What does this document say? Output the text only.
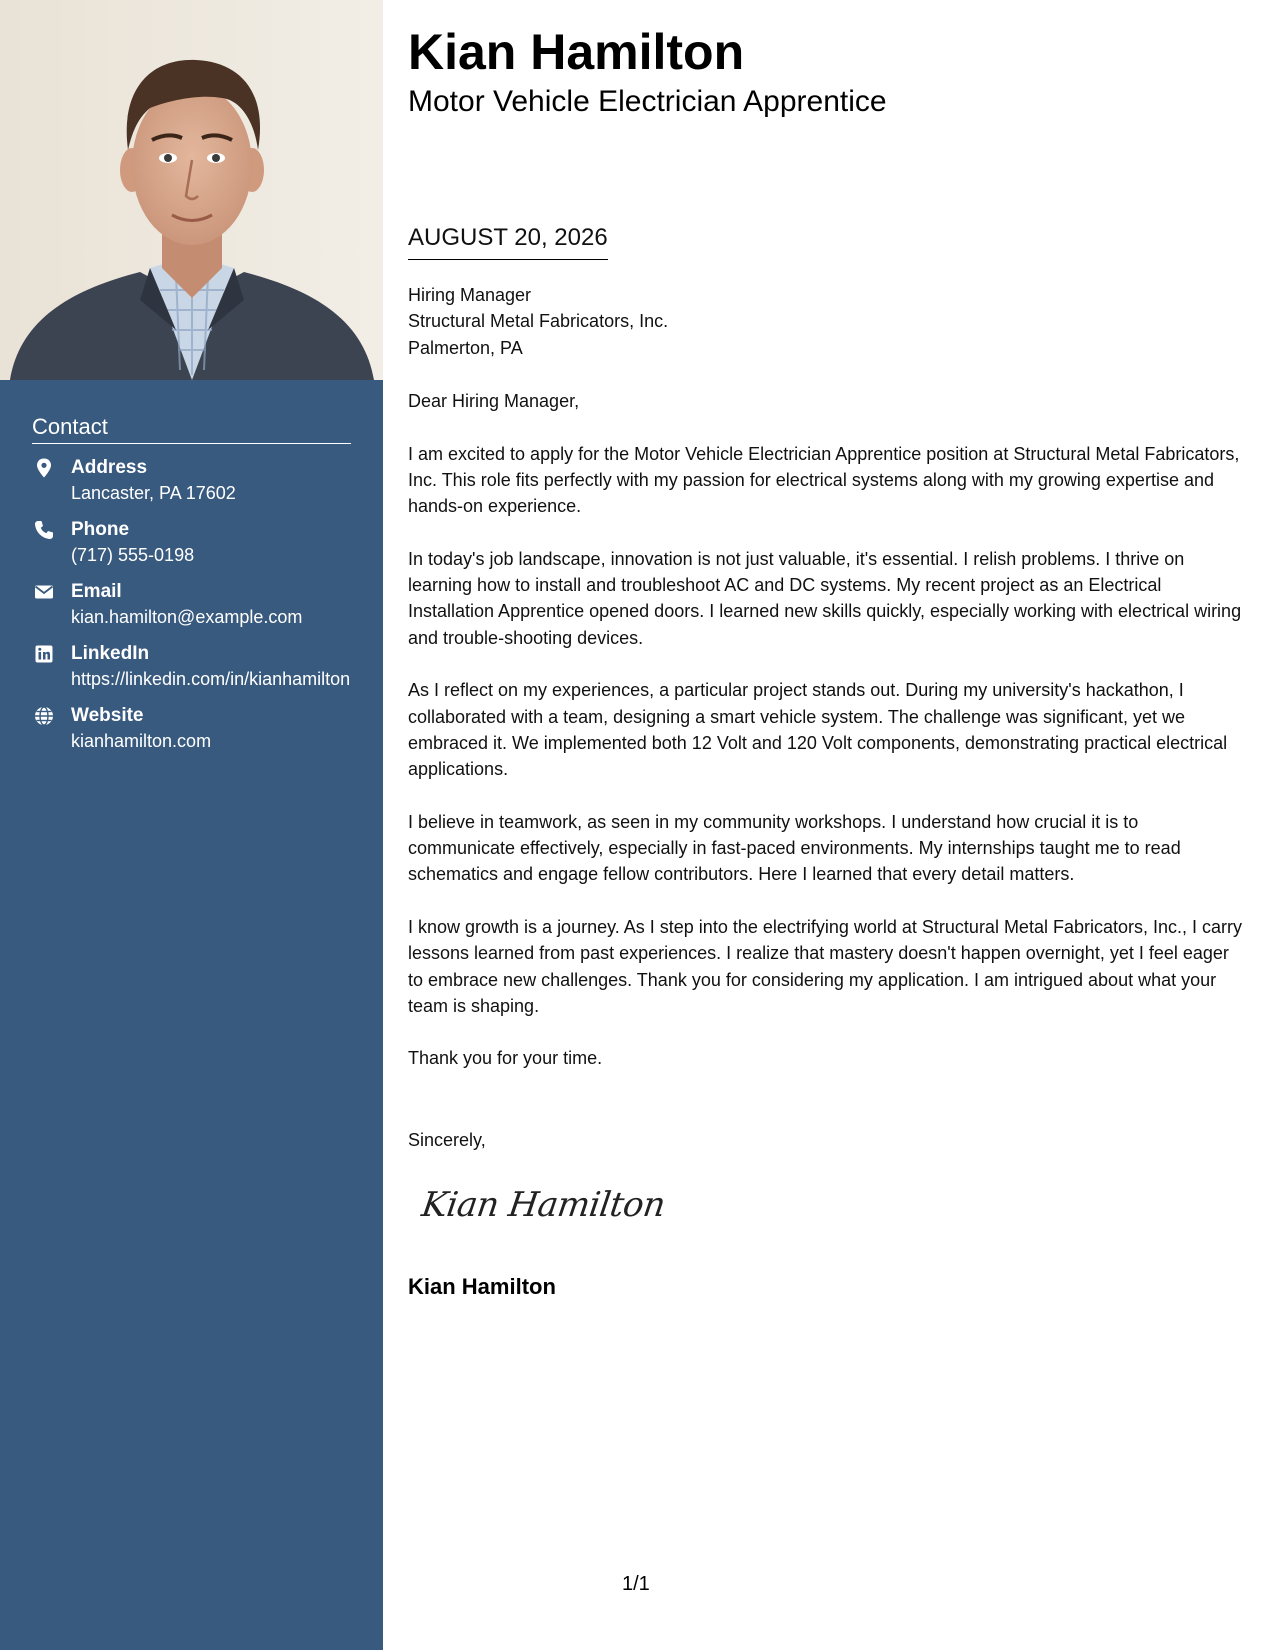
Contact
Address
Lancaster, PA 17602
Phone
(717) 555-0198
Email
kian.hamilton@example.com
LinkedIn
https://linkedin.com/in/kianhamilton
Website
kianhamilton.com
Kian Hamilton
Motor Vehicle Electrician Apprentice
AUGUST 20, 2026
Hiring Manager
Structural Metal Fabricators, Inc.
Palmerton, PA

Dear Hiring Manager,

I am excited to apply for the Motor Vehicle Electrician Apprentice position at Structural Metal Fabricators, Inc. This role fits perfectly with my passion for electrical systems along with my growing expertise and hands-on experience.

In today's job landscape, innovation is not just valuable, it's essential. I relish problems. I thrive on learning how to install and troubleshoot AC and DC systems. My recent project as an Electrical Installation Apprentice opened doors. I learned new skills quickly, especially working with electrical wiring and trouble-shooting devices.

As I reflect on my experiences, a particular project stands out. During my university's hackathon, I collaborated with a team, designing a smart vehicle system. The challenge was significant, yet we embraced it. We implemented both 12 Volt and 120 Volt components, demonstrating practical electrical applications.

I believe in teamwork, as seen in my community workshops. I understand how crucial it is to communicate effectively, especially in fast-paced environments. My internships taught me to read schematics and engage fellow contributors. Here I learned that every detail matters.

I know growth is a journey. As I step into the electrifying world at Structural Metal Fabricators, Inc., I carry lessons learned from past experiences. I realize that mastery doesn't happen overnight, yet I feel eager to embrace new challenges. Thank you for considering my application. I am intrigued about what your team is shaping.

Thank you for your time.

Sincerely,
Kian Hamilton
Kian Hamilton
1/1
